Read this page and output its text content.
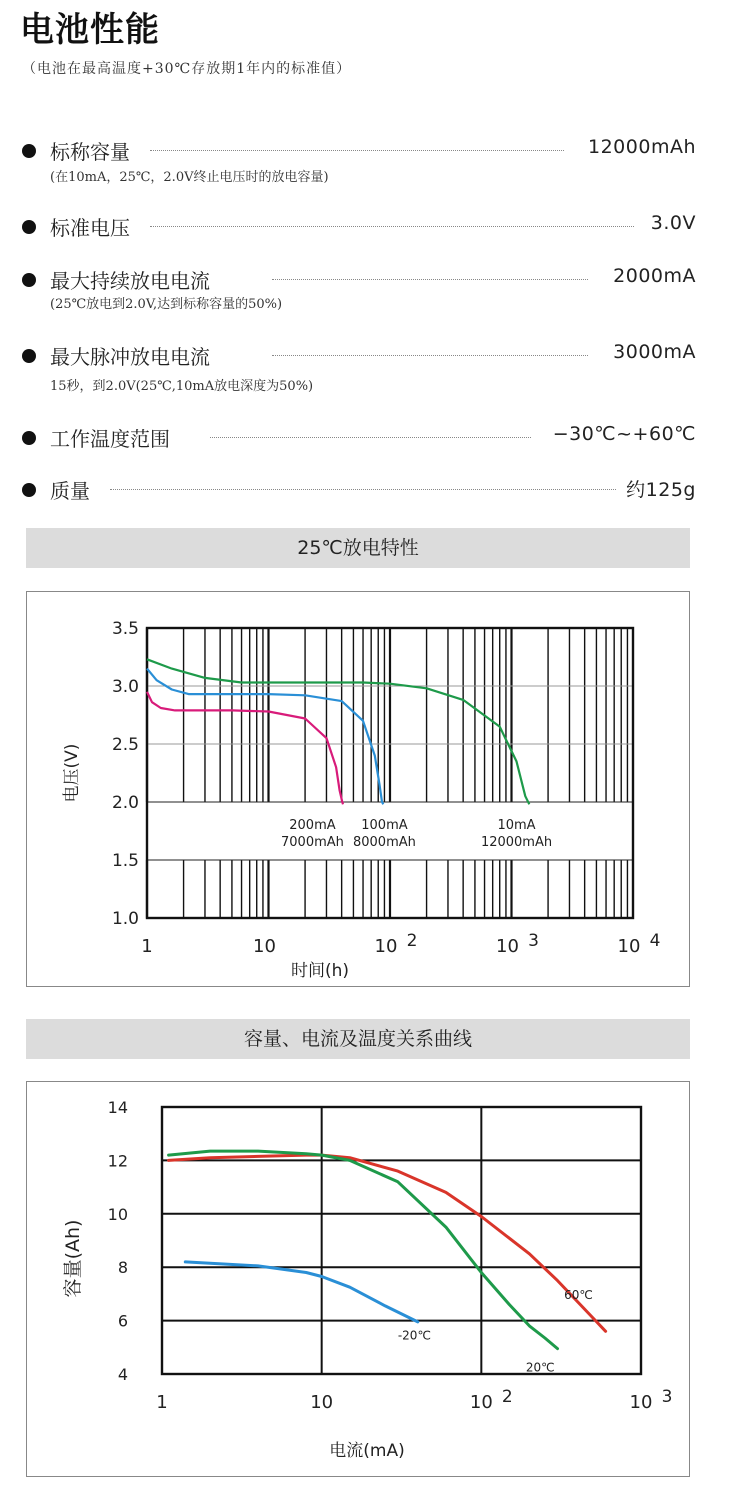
电池性能
（电池在最高温度+30℃存放期1年内的标准值）
标称容量	12000mAh
(在10mA，25℃，2.0V终止电压时的放电容量)
标准电压	3.0V
最大持续放电电流	2000mA
(25℃放电到2.0V,达到标称容量的50%)
最大脉冲放电电流	3000mA
15秒，到2.0V(25℃,10mA放电深度为50%)
工作温度范围	−30℃~+60℃
质量	约125g
25℃放电特性
3.5
3.0
2.5
2.0
1.5
1.0
1	10	10 2	10 3	10 4
时间(h)
电压(V)
200mA
7000mAh
100mA
8000mAh
10mA
12000mAh
容量、电流及温度关系曲线
14
12
10
8
6
4
1	10	10 2	10 3
电流(mA)
容量(Ah)	60℃
20℃
-20℃
